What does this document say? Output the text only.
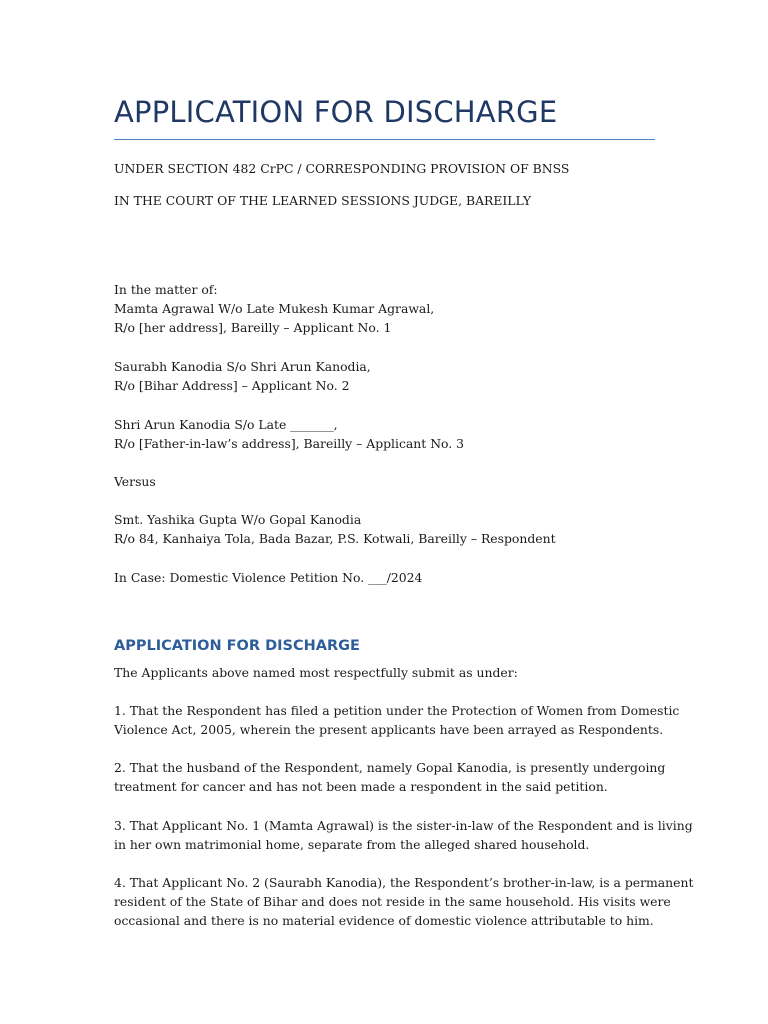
APPLICATION FOR DISCHARGE
UNDER SECTION 482 CrPC / CORRESPONDING PROVISION OF BNSS
IN THE COURT OF THE LEARNED SESSIONS JUDGE, BAREILLY
In the matter of:
Mamta Agrawal W/o Late Mukesh Kumar Agrawal,
R/o [her address], Bareilly – Applicant No. 1
Saurabh Kanodia S/o Shri Arun Kanodia,
R/o [Bihar Address] – Applicant No. 2
Shri Arun Kanodia S/o Late _______,
R/o [Father-in-law’s address], Bareilly – Applicant No. 3
Versus
Smt. Yashika Gupta W/o Gopal Kanodia
R/o 84, Kanhaiya Tola, Bada Bazar, P.S. Kotwali, Bareilly – Respondent
In Case: Domestic Violence Petition No. ___/2024
APPLICATION FOR DISCHARGE
The Applicants above named most respectfully submit as under:
1. That the Respondent has filed a petition under the Protection of Women from Domestic
Violence Act, 2005, wherein the present applicants have been arrayed as Respondents.
2. That the husband of the Respondent, namely Gopal Kanodia, is presently undergoing
treatment for cancer and has not been made a respondent in the said petition.
3. That Applicant No. 1 (Mamta Agrawal) is the sister-in-law of the Respondent and is living
in her own matrimonial home, separate from the alleged shared household.
4. That Applicant No. 2 (Saurabh Kanodia), the Respondent’s brother-in-law, is a permanent
resident of the State of Bihar and does not reside in the same household. His visits were
occasional and there is no material evidence of domestic violence attributable to him.
